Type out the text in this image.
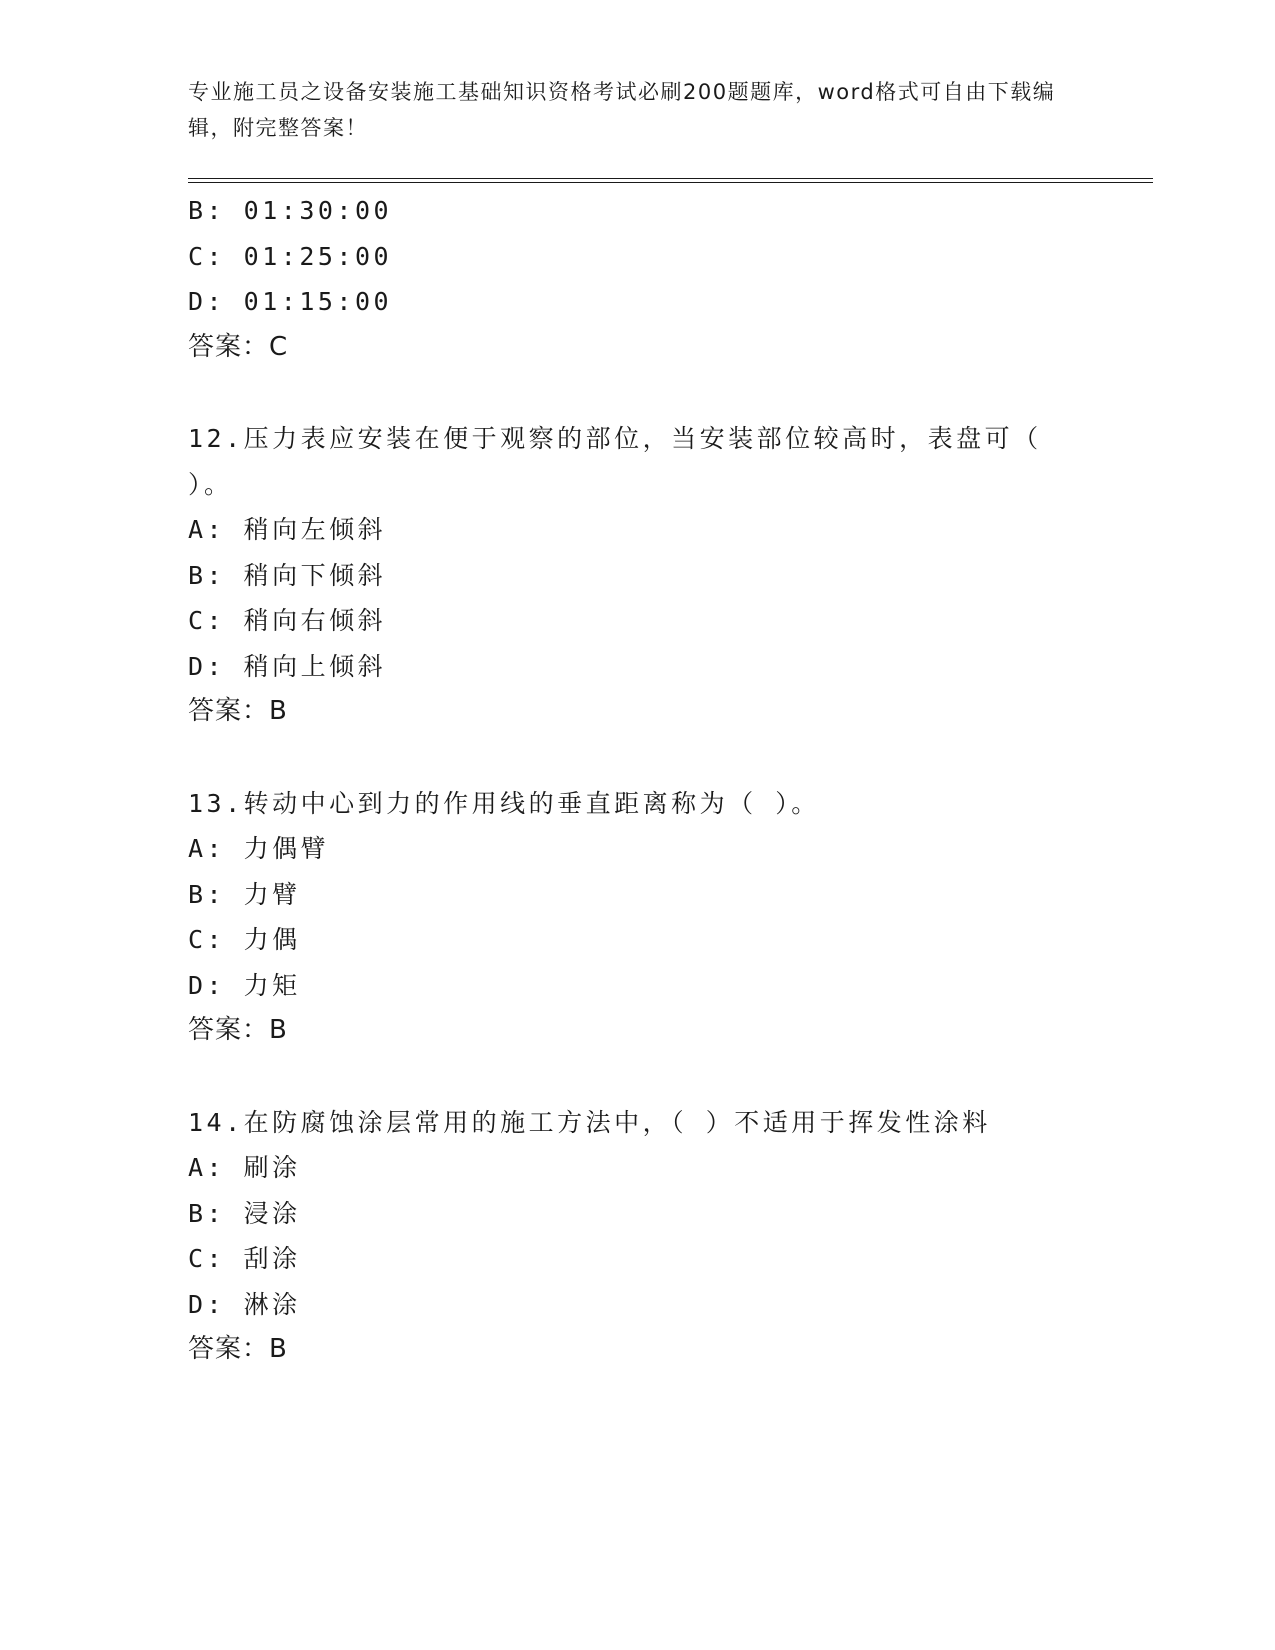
专业施工员之设备安装施工基础知识资格考试必刷200题题库，word格式可自由下载编辑，附完整答案！
B: 01:30:00
C: 01:25:00
D: 01:15:00
答案：C
12.压力表应安装在便于观察的部位，当安装部位较高时，表盘可（ ）。
A: 稍向左倾斜
B: 稍向下倾斜
C: 稍向右倾斜
D: 稍向上倾斜
答案：B
13.转动中心到力的作用线的垂直距离称为（ ）。
A: 力偶臂
B: 力臂
C: 力偶
D: 力矩
答案：B
14.在防腐蚀涂层常用的施工方法中，（ ）不适用于挥发性涂料
A: 刷涂
B: 浸涂
C: 刮涂
D: 淋涂
答案：B
